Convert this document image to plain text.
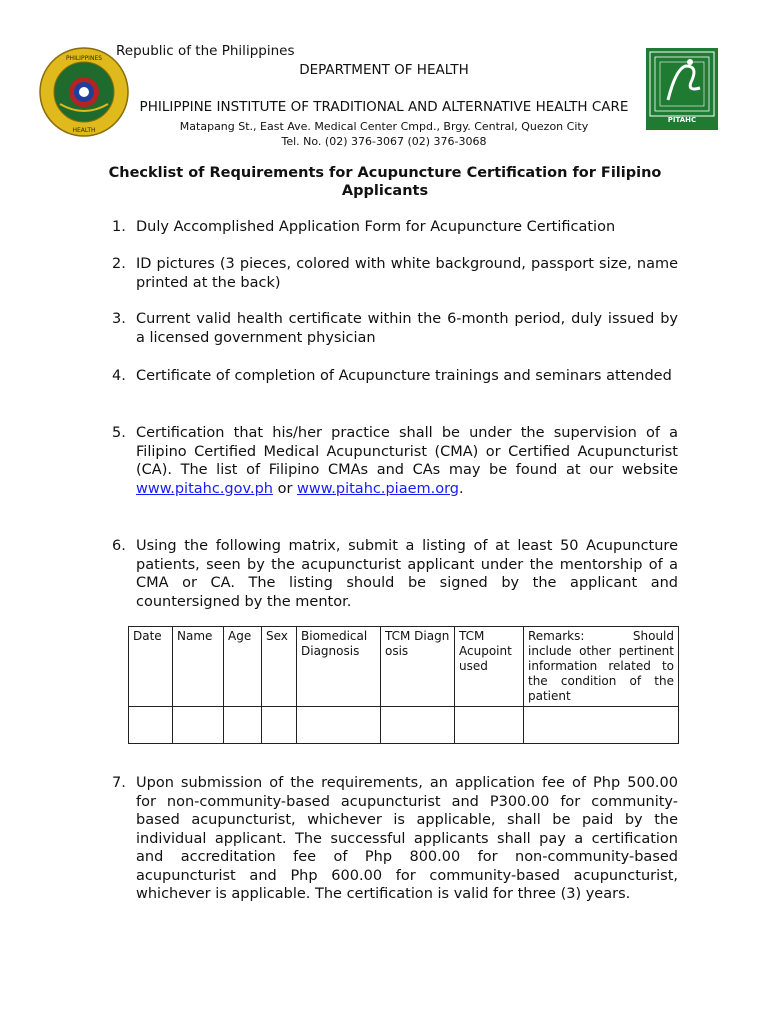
PHILIPPINES
HEALTH
PITAHC
Republic of the Philippines
DEPARTMENT OF HEALTH
PHILIPPINE INSTITUTE OF TRADITIONAL AND ALTERNATIVE HEALTH CARE
Matapang St., East Ave. Medical Center Cmpd., Brgy. Central, Quezon City
Tel. No. (02) 376-3067 (02) 376-3068
Checklist of Requirements for Acupuncture Certification for Filipino Applicants
1. Duly Accomplished Application Form for Acupuncture Certification
2. ID pictures (3 pieces, colored with white background, passport size, name printed at the back)
3. Current valid health certificate within the 6-month period, duly issued by a licensed government physician
4. Certificate of completion of Acupuncture trainings and seminars attended
5. Certification that his/her practice shall be under the supervision of a Filipino Certified Medical Acupuncturist (CMA) or Certified Acupuncturist (CA). The list of Filipino CMAs and CAs may be found at our website www.pitahc.gov.ph or www.pitahc.piaem.org.
6. Using the following matrix, submit a listing of at least 50 Acupuncture patients, seen by the acupuncturist applicant under the mentorship of a CMA or CA. The listing should be signed by the applicant and countersigned by the mentor.
Date	Name	Age	Sex	Biomedical Diagnosis	TCM Diagnosis	TCM Acupoint used	Remarks: Should include other pertinent information related to the condition of the patient

7. Upon submission of the requirements, an application fee of Php 500.00 for non-community-based acupuncturist and P300.00 for community-based acupuncturist, whichever is applicable, shall be paid by the individual applicant. The successful applicants shall pay a certification and accreditation fee of Php 800.00 for non-community-based acupuncturist and Php 600.00 for community-based acupuncturist, whichever is applicable. The certification is valid for three (3) years.
